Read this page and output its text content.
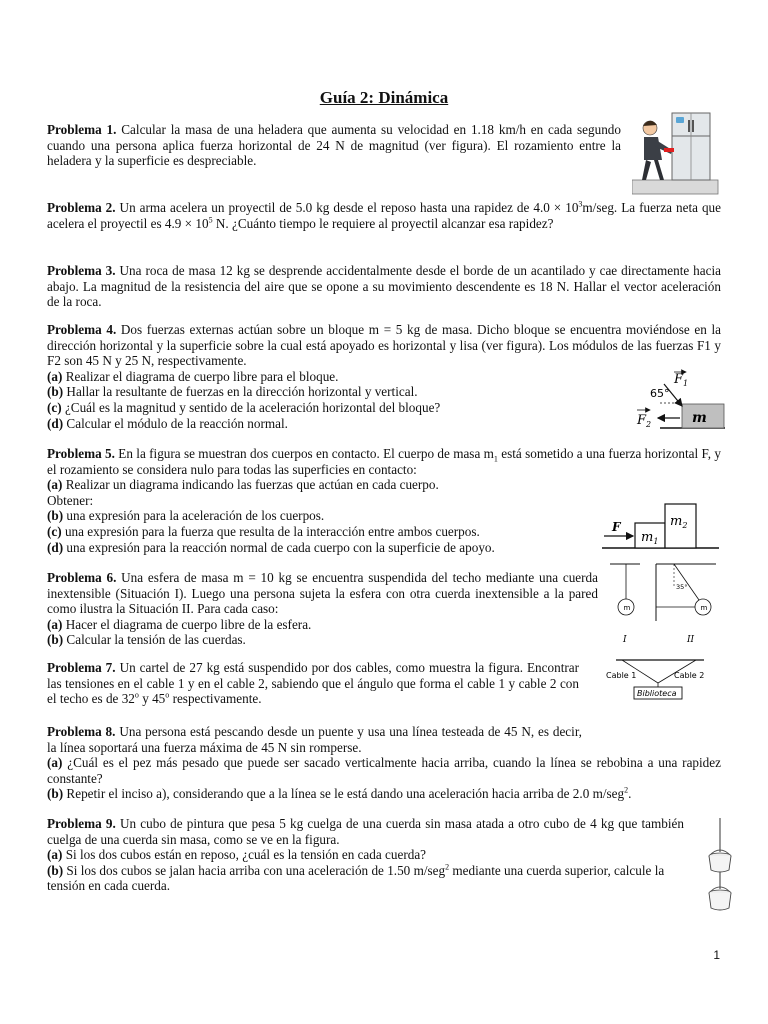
Guía 2: Dinámica

Problema 1. Calcular la masa de una heladera que aumenta su velocidad en 1.18 km/h en cada segundo cuando una persona aplica fuerza horizontal de 24 N de magnitud (ver figura). El rozamiento entre la heladera y la superficie es despreciable.

Problema 2. Un arma acelera un proyectil de 5.0 kg desde el reposo hasta una rapidez de $4.0 \times 10^3m$/seg. La fuerza neta que acelera el proyectil es $4.9 \times 10^5$ N. ¿Cuánto tiempo le requiere al proyectil alcanzar esa rapidez?

Problema 3. Una roca de masa 12 kg se desprende accidentalmente desde el borde de un acantilado y cae directamente hacia abajo. La magnitud de la resistencia del aire que se opone a su movimiento descendente es 18 N. Hallar el vector aceleración de la roca.

Problema 4. Dos fuerzas externas actúan sobre un bloque m = 5 kg de masa. Dicho bloque se encuentra moviéndose en la dirección horizontal y la superficie sobre la cual está apoyado es horizontal y lisa (ver figura). Los módulos de las fuerzas F1 y F2 son 45 N y 25 N, respectivamente.

(a) Realizar el diagrama de cuerpo libre para el bloque.

(b) Hallar la resultante de fuerzas en la dirección horizontal y vertical.

(c) ¿Cuál es la magnitud y sentido de la aceleración horizontal del bloque?

(d) Calcular el módulo de la reacción normal.	m
65°
$F_1$
$F_2$

Problema 5. En la figura se muestran dos cuerpos en contacto. El cuerpo de masa $m_1$ está sometido a una fuerza horizontal F, y el rozamiento se considera nulo para todas las superficies en contacto:

(a) Realizar un diagrama indicando las fuerzas que actúan en cada cuerpo.

Obtener:

(b) una expresión para la aceleración de los cuerpos.

(c) una expresión para la fuerza que resulta de la interacción entre ambos cuerpos.

(d) una expresión para la reacción normal de cada cuerpo con la superficie de apoyo.

F
$m_1$
$m_2$

Problema 6. Una esfera de masa m = 10 kg se encuentra suspendida del techo mediante una cuerda inextensible (Situación I). Luego una persona sujeta la esfera con otra cuerda inextensible a la pared como ilustra la Situación II. Para cada caso:

(a) Hacer el diagrama de cuerpo libre de la esfera.

(b) Calcular la tensión de las cuerdas.

m
I
35°
m
II

Problema 7. Un cartel de 27 kg está suspendido por dos cables, como muestra la figura. Encontrar las tensiones en el cable 1 y en el cable 2, sabiendo que el ángulo que forma el cable 1 y cable 2 con el techo es de 32$^o$ y 45$^o$ respectivamente.

Cable 1	Cable 2
Biblioteca

Problema 8. Una persona está pescando desde un puente y usa una línea testeada de 45 N, es decir, la línea soportará una fuerza máxima de 45 N sin romperse.

(a) ¿Cuál es el pez más pesado que puede ser sacado verticalmente hacia arriba, cuando la línea se rebobina a una rapidez constante?

(b) Repetir el inciso a), considerando que a la línea se le está dando una aceleración hacia arriba de 2.0 m/seg$^2$.

Problema 9. Un cubo de pintura que pesa 5 kg cuelga de una cuerda sin masa atada a otro cubo de 4 kg que también cuelga de una cuerda sin masa, como se ve en la figura.

(a) Si los dos cubos están en reposo, ¿cuál es la tensión en cada cuerda?

(b) Si los dos cubos se jalan hacia arriba con una aceleración de 1.50 m/seg$^2$ mediante una cuerda superior, calcule la tensión en cada cuerda.

1
